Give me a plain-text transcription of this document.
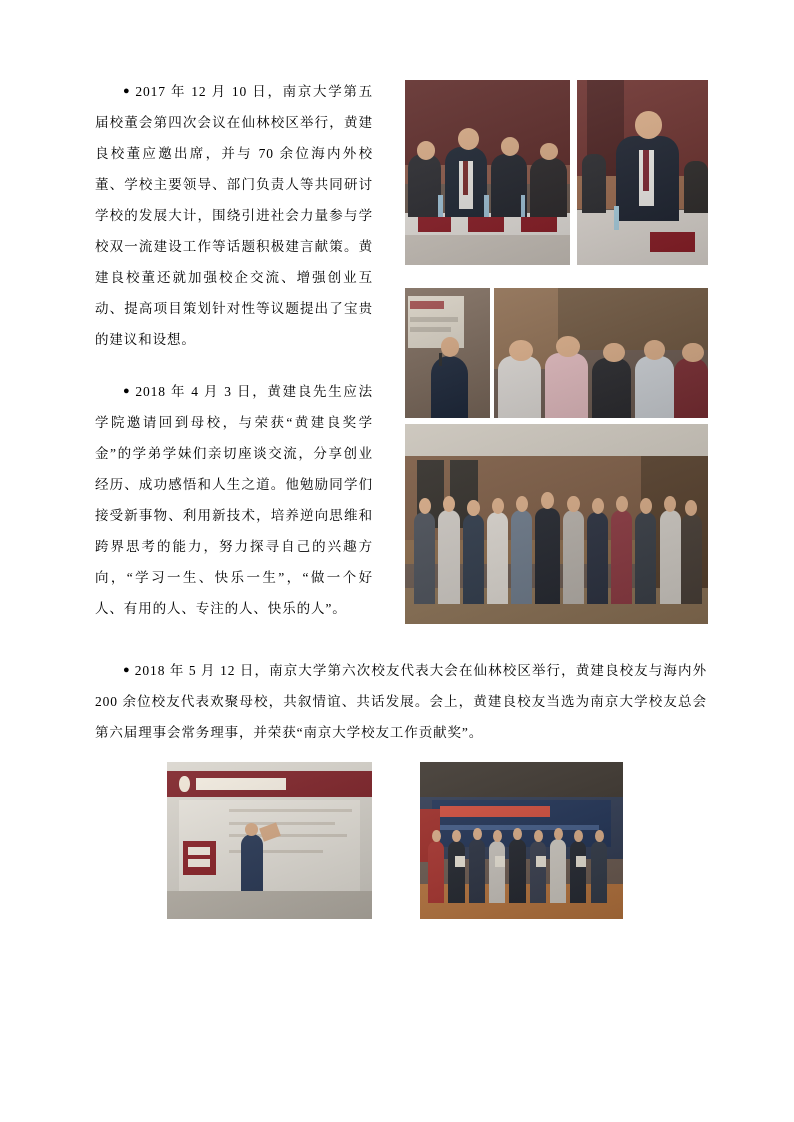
● 2017 年 12 月 10 日，南京大学第五届校董会第四次会议在仙林校区举行，黄建良校董应邀出席，并与 70 余位海内外校董、学校主要领导、部门负责人等共同研讨学校的发展大计，围绕引进社会力量参与学校双一流建设工作等话题积极建言献策。黄建良校董还就加强校企交流、增强创业互动、提高项目策划针对性等议题提出了宝贵的建议和设想。
● 2018 年 4 月 3 日，黄建良先生应法学院邀请回到母校，与荣获“黄建良奖学金”的学弟学妹们亲切座谈交流，分享创业经历、成功感悟和人生之道。他勉励同学们接受新事物、利用新技术，培养逆向思维和跨界思考的能力，努力探寻自己的兴趣方向，“学习一生、快乐一生”，“做一个好人、有用的人、专注的人、快乐的人”。
● 2018 年 5 月 12 日，南京大学第六次校友代表大会在仙林校区举行，黄建良校友与海内外 200 余位校友代表欢聚母校，共叙情谊、共话发展。会上，黄建良校友当选为南京大学校友总会第六届理事会常务理事，并荣获“南京大学校友工作贡献奖”。
